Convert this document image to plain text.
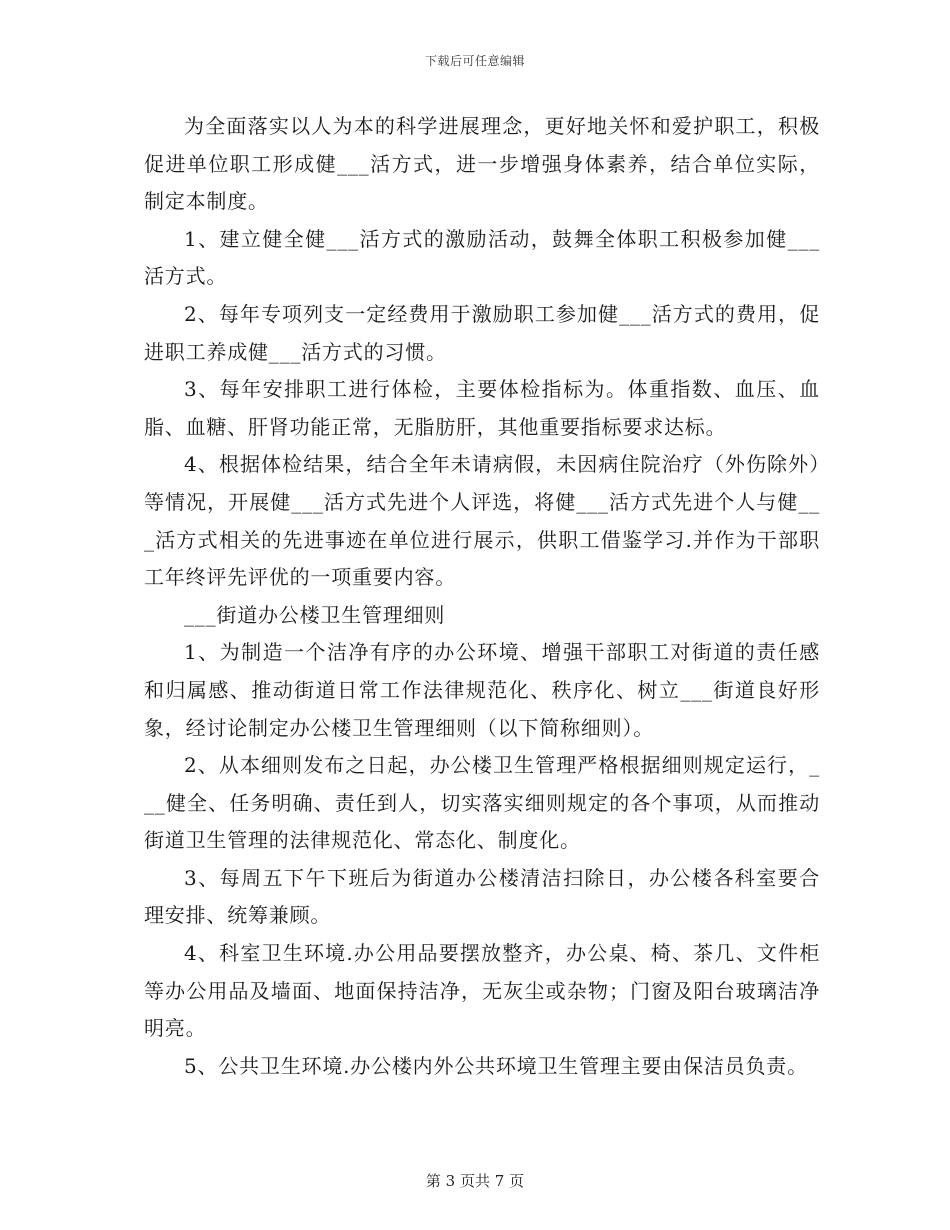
下载后可任意编辑

为全面落实以人为本的科学进展理念，更好地关怀和爱护职工，积极促进单位职工形成健___活方式，进一步增强身体素养，结合单位实际，制定本制度。

1、建立健全健___活方式的激励活动，鼓舞全体职工积极参加健___活方式。

2、每年专项列支一定经费用于激励职工参加健___活方式的费用，促进职工养成健___活方式的习惯。

3、每年安排职工进行体检，主要体检指标为。体重指数、血压、血脂、血糖、肝肾功能正常，无脂肪肝，其他重要指标要求达标。

4、根据体检结果，结合全年未请病假，未因病住院治疗（外伤除外）等情况，开展健___活方式先进个人评选，将健___活方式先进个人与健___活方式相关的先进事迹在单位进行展示，供职工借鉴学习.并作为干部职工年终评先评优的一项重要内容。

___街道办公楼卫生管理细则

1、为制造一个洁净有序的办公环境、增强干部职工对街道的责任感和归属感、推动街道日常工作法律规范化、秩序化、树立___街道良好形象，经讨论制定办公楼卫生管理细则（以下简称细则）。

2、从本细则发布之日起，办公楼卫生管理严格根据细则规定运行，___健全、任务明确、责任到人，切实落实细则规定的各个事项，从而推动街道卫生管理的法律规范化、常态化、制度化。

3、每周五下午下班后为街道办公楼清洁扫除日，办公楼各科室要合理安排、统筹兼顾。

4、科室卫生环境.办公用品要摆放整齐，办公桌、椅、茶几、文件柜等办公用品及墙面、地面保持洁净，无灰尘或杂物；门窗及阳台玻璃洁净明亮。

5、公共卫生环境.办公楼内外公共环境卫生管理主要由保洁员负责。

第 3 页共 7 页
